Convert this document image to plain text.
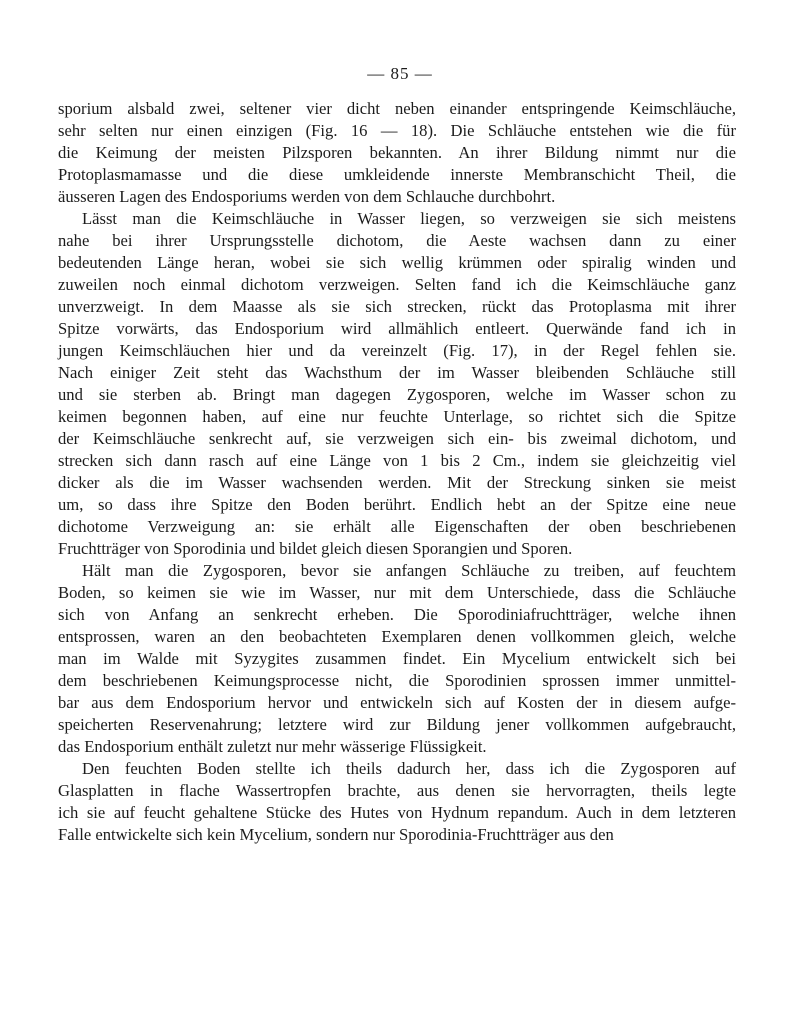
— 85 —
sporium alsbald zwei, seltener vier dicht neben einander entspringende Keimschläuche,
sehr selten nur einen einzigen (Fig. 16 — 18). Die Schläuche entstehen wie die für
die Keimung der meisten Pilzsporen bekannten. An ihrer Bildung nimmt nur die
Protoplasmamasse und die diese umkleidende innerste Membranschicht Theil, die
äusseren Lagen des Endosporiums werden von dem Schlauche durchbohrt.
Lässt man die Keimschläuche in Wasser liegen, so verzweigen sie sich meistens
nahe bei ihrer Ursprungsstelle dichotom, die Aeste wachsen dann zu einer
bedeutenden Länge heran, wobei sie sich wellig krümmen oder spiralig winden und
zuweilen noch einmal dichotom verzweigen. Selten fand ich die Keimschläuche ganz
unverzweigt. In dem Maasse als sie sich strecken, rückt das Protoplasma mit ihrer
Spitze vorwärts, das Endosporium wird allmählich entleert. Querwände fand ich in
jungen Keimschläuchen hier und da vereinzelt (Fig. 17), in der Regel fehlen sie.
Nach einiger Zeit steht das Wachsthum der im Wasser bleibenden Schläuche still
und sie sterben ab. Bringt man dagegen Zygosporen, welche im Wasser schon zu
keimen begonnen haben, auf eine nur feuchte Unterlage, so richtet sich die Spitze
der Keimschläuche senkrecht auf, sie verzweigen sich ein- bis zweimal dichotom, und
strecken sich dann rasch auf eine Länge von 1 bis 2 Cm., indem sie gleichzeitig viel
dicker als die im Wasser wachsenden werden. Mit der Streckung sinken sie meist
um, so dass ihre Spitze den Boden berührt. Endlich hebt an der Spitze eine neue
dichotome Verzweigung an: sie erhält alle Eigenschaften der oben beschriebenen
Fruchtträger von Sporodinia und bildet gleich diesen Sporangien und Sporen.
Hält man die Zygosporen, bevor sie anfangen Schläuche zu treiben, auf feuchtem
Boden, so keimen sie wie im Wasser, nur mit dem Unterschiede, dass die Schläuche
sich von Anfang an senkrecht erheben. Die Sporodiniafruchtträger, welche ihnen
entsprossen, waren an den beobachteten Exemplaren denen vollkommen gleich, welche
man im Walde mit Syzygites zusammen findet. Ein Mycelium entwickelt sich bei
dem beschriebenen Keimungsprocesse nicht, die Sporodinien sprossen immer unmittel-
bar aus dem Endosporium hervor und entwickeln sich auf Kosten der in diesem aufge-
speicherten Reservenahrung; letztere wird zur Bildung jener vollkommen aufgebraucht,
das Endosporium enthält zuletzt nur mehr wässerige Flüssigkeit.
Den feuchten Boden stellte ich theils dadurch her, dass ich die Zygosporen auf
Glasplatten in flache Wassertropfen brachte, aus denen sie hervorragten, theils legte
ich sie auf feucht gehaltene Stücke des Hutes von Hydnum repandum. Auch in dem letzteren
Falle entwickelte sich kein Mycelium, sondern nur Sporodinia-Fruchtträger aus den
